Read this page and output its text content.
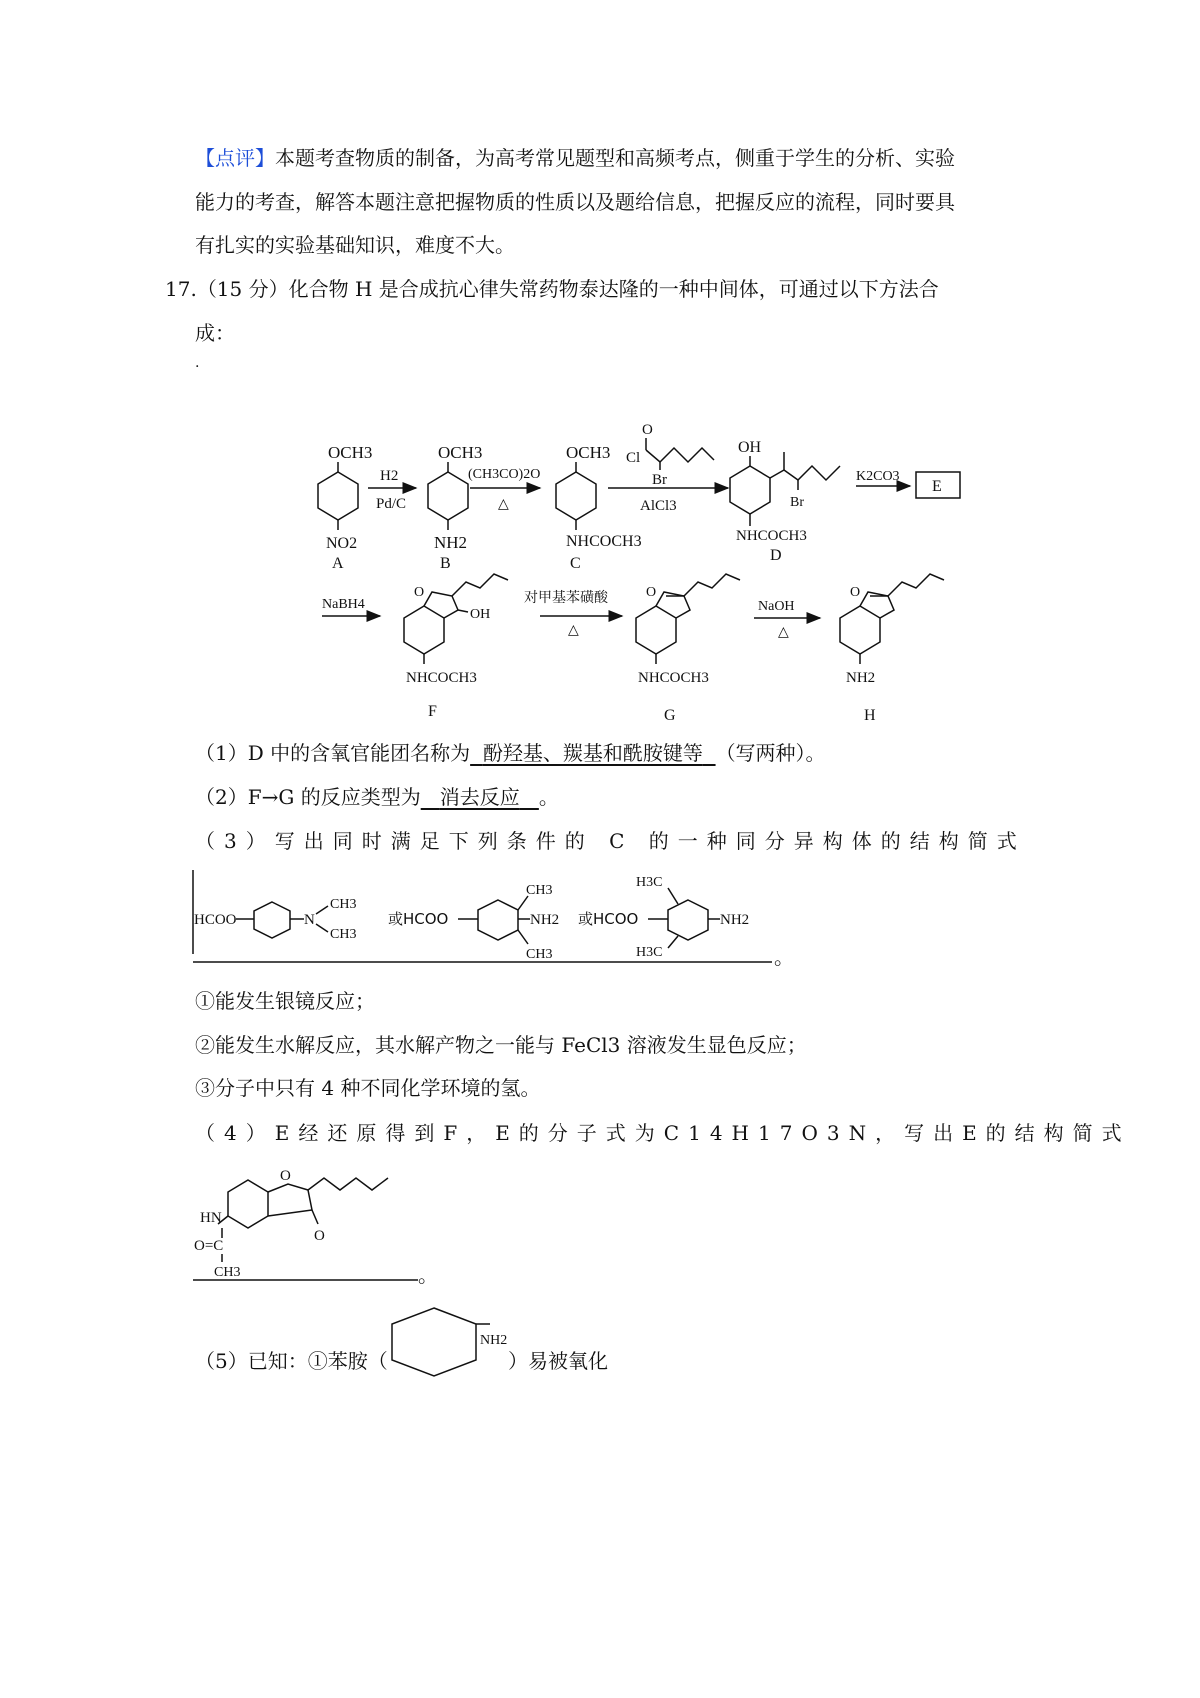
【点评】本题考查物质的制备，为高考常见题型和高频考点，侧重于学生的分析、实验
能力的考查，解答本题注意把握物质的性质以及题给信息，把握反应的流程，同时要具
有扎实的实验基础知识，难度不大。
17.（15 分）化合物 H 是合成抗心律失常药物泰达隆的一种中间体，可通过以下方法合
成：
.
OCH3
NO2
A
H2
Pd/C
OCH3
NH2
B
(CH3CO)2O
△
OCH3
NHCOCH3
C
O
Cl
Br
AlCl3
OH
Br
NHCOCH3
D
K2CO3
E
NaBH4
O
OH
NHCOCH3
F
对甲基苯磺酸
△
O
NHCOCH3
G
NaOH
△
O
NH2
H
（1）D 中的含氧官能团名称为 酚羟基、羰基和酰胺键等 （写两种）。
（2）F→G 的反应类型为 消去反应 。
（3）写出同时满足下列条件的 C 的一种同分异构体的结构简式
HCOO	N
CH3
CH3
或HCOO
CH3
CH3
NH2 或HCOO
H3C
H3C
NH2
。
①能发生银镜反应；
②能发生水解反应，其水解产物之一能与 FeCl3 溶液发生显色反应；
③分子中只有 4 种不同化学环境的氢。
（4）E经还原得到F，E的分子式为C14H17O3N，写出E的结构简式
O
O
HN
O=C
CH3	。
（5）已知：①苯胺（
NH2
）易被氧化
